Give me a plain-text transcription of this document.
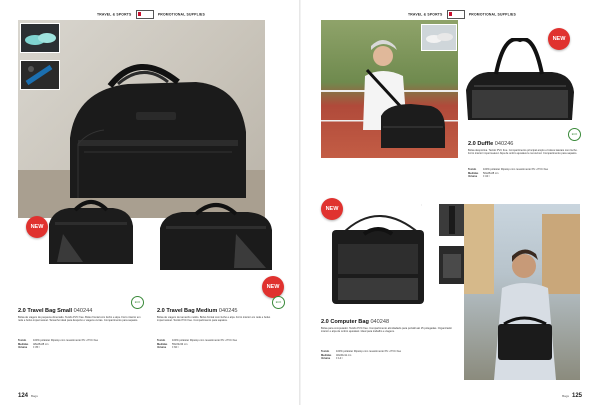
TRAVEL & SPORTS	PROMOTIONAL SUPPLIES	TRAVEL & SPORTS	PROMOTIONAL SUPPLIES
NEW
NEW
ECO
2.0 Travel Bag Small 040244
Bolsa de viagem de pequena dimensão. Tecido PVC free. Bolso frontal com fecho e alça. Forro interior em rede e bolso impermeável. Tamanho ideal para desporto e viagens curtas. Compartimento para sapatos.
Tecido	100% poliéster Ripstop com revestimento PU ▪ PVC free
Medidas	48x28x28 cm
Volume	± 35 l
ECO
2.0 Travel Bag Medium 040245
Bolsa de viagem de tamanho médio. Bolso frontal com fecho e alça. Forro interior em rede e bolso impermeável. Tecido PVC free. Compartimento para sapatos.
Tecido	100% poliéster Ripstop com revestimento PU ▪ PVC free
Medidas	55x33x33 cm
Volume	± 60 l
124 Bags
NEW
ECO
2.0 Duffle 040246
Bolsa desportiva. Tecido PVC free. Compartimento principal amplo e bolsos laterais com fecho. Forro interior impermeável. Alça de ombro ajustável e removível. Compartimento para sapatos.
Tecido	100% poliéster Ripstop com revestimento PU ▪ PVC free
Medidas	50x28x28 cm
Volume	± 34 l
NEW
⫶
2.0 Computer Bag 040248
Bolsa para computador. Tecido PVC free. Compartimento almofadado para portátil até 15 polegadas. Organizador interior e alça de ombro ajustável. Ideal para trabalho e viagens.
Tecido	100% poliéster Ripstop com revestimento PU ▪ PVC free
Medidas	40x30x11 cm
Volume	± 14 l
Bags 125
